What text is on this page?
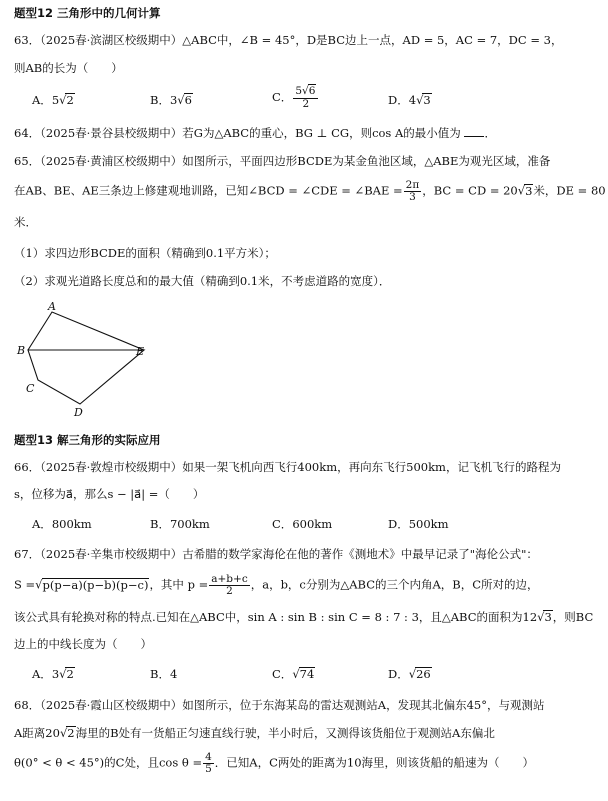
题型12 三角形中的几何计算
63．（2025春·滨湖区校级期中）△ABC中，∠B = 45°，D是BC边上一点，AD = 5，AC = 7，DC = 3，
则AB的长为（　　）
A．5√2	B．3√6	C． $\frac{5√6}{2}$	D．4√3
64．（2025春·景谷县校级期中）若G为△ABC的重心，BG ⊥ CG，则cos A的最小值为 ．
65．（2025春·黄浦区校级期中）如图所示，平面四边形BCDE为某金鱼池区域，△ABE为观光区域，准备
在AB、BE、AE三条边上修建观地训路，已知∠BCD = ∠CDE = ∠BAE = $\frac{2\pi}{3}$ ，BC = CD = 20√3米，DE = 80
米．
（1）求四边形BCDE的面积（精确到0.1平方米）；
（2）求观光道路长度总和的最大值（精确到0.1米，不考虑道路的宽度）．
A
B
C
D
E
题型13 解三角形的实际应用
66．（2025春·敦煌市校级期中）如果一架飞机向西飞行400km，再向东飞行500km，记飞机飞行的路程为
s，位移为a⃗，那么s − |a⃗| =（　　）
A．800km	B．700km	C．600km	D．500km
67．（2025春·辛集市校级期中）古希腊的数学家海伦在他的著作《测地术》中最早记录了"海伦公式"：
S =√p(p−a)(p−b)(p−c)，其中 $p = \frac{a+b+c}{2}$ ，a，b，c分别为△ABC的三个内角A，B，C所对的边，
该公式具有轮换对称的特点.已知在△ABC中，sin A : sin B : sin C = 8 : 7 : 3，且△ABC的面积为12√3，则BC
边上的中线长度为（　　）
A．3√2	B．4	C．√74	D．√26
68．（2025春·霞山区校级期中）如图所示，位于东海某岛的雷达观测站A，发现其北偏东45°，与观测站
A距离20√2海里的B处有一货船正匀速直线行驶，半小时后，又测得该货船位于观测站A东偏北
θ(0° < θ < 45°)的C处，且$\cos \theta = \frac{4}{5}$ ．已知A，C两处的距离为10海里，则该货船的船速为（　　）
